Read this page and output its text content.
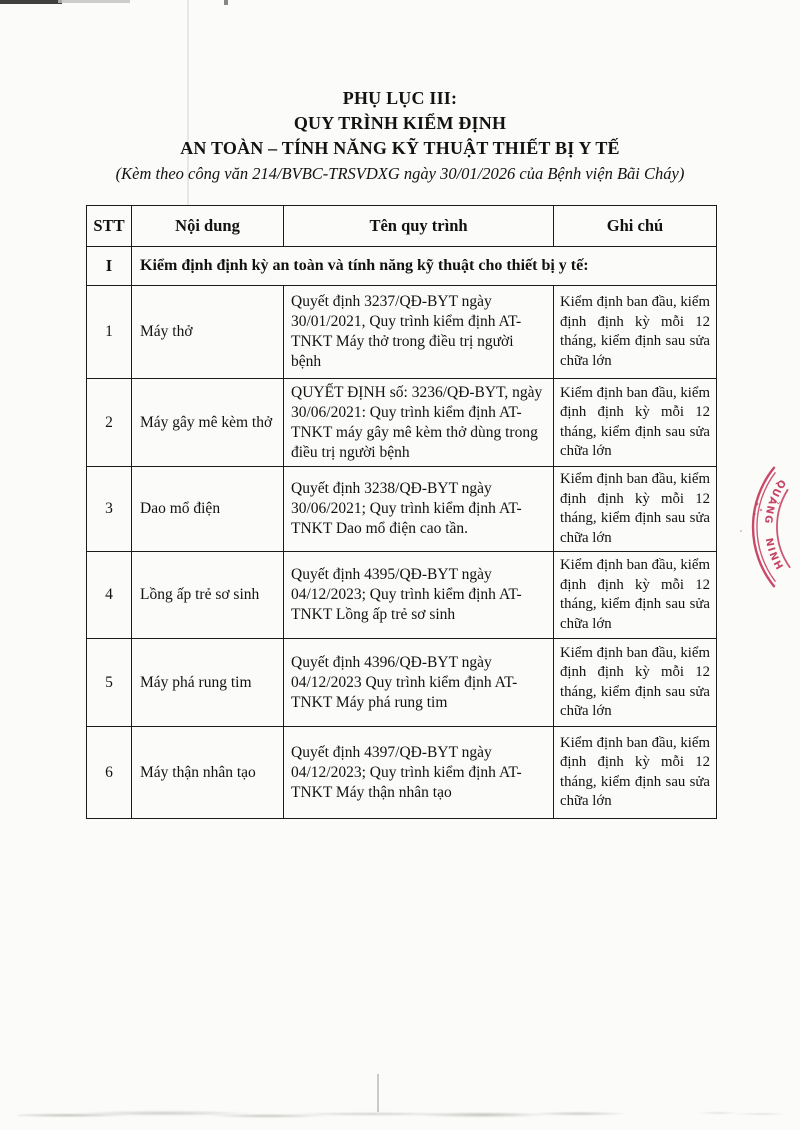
PHỤ LỤC III:
QUY TRÌNH KIỂM ĐỊNH
AN TOÀN – TÍNH NĂNG KỸ THUẬT THIẾT BỊ Y TẾ
(Kèm theo công văn 214/BVBC-TRSVDXG ngày 30/01/2026 của Bệnh viện Bãi Cháy)
STT	Nội dung	Tên quy trình	Ghi chú
I	Kiểm định định kỳ an toàn và tính năng kỹ thuật cho thiết bị y tế:		
1	Máy thở	Quyết định 3237/QĐ-BYT ngày 30/01/2021, Quy trình kiểm định AT-TNKT Máy thở trong điều trị người bệnh	Kiểm định ban đầu, kiểm định định kỳ mỗi 12 tháng, kiểm định sau sửa chữa lớn
2	Máy gây mê kèm thở	QUYẾT ĐỊNH số: 3236/QĐ-BYT, ngày 30/06/2021: Quy trình kiểm định AT-TNKT máy gây mê kèm thở dùng trong điều trị người bệnh	Kiểm định ban đầu, kiểm định định kỳ mỗi 12 tháng, kiểm định sau sửa chữa lớn
3	Dao mổ điện	Quyết định 3238/QĐ-BYT ngày 30/06/2021; Quy trình kiểm định AT-TNKT Dao mổ điện cao tần.	Kiểm định ban đầu, kiểm định định kỳ mỗi 12 tháng, kiểm định sau sửa chữa lớn
4	Lồng ấp trẻ sơ sinh	Quyết định 4395/QĐ-BYT ngày 04/12/2023; Quy trình kiểm định AT-TNKT Lồng ấp trẻ sơ sinh	Kiểm định ban đầu, kiểm định định kỳ mỗi 12 tháng, kiểm định sau sửa chữa lớn
5	Máy phá rung tim	Quyết định 4396/QĐ-BYT ngày 04/12/2023 Quy trình kiểm định AT-TNKT Máy phá rung tim	Kiểm định ban đầu, kiểm định định kỳ mỗi 12 tháng, kiểm định sau sửa chữa lớn
6	Máy thận nhân tạo	Quyết định 4397/QĐ-BYT ngày 04/12/2023; Quy trình kiểm định AT-TNKT Máy thận nhân tạo	Kiểm định ban đầu, kiểm định định kỳ mỗi 12 tháng, kiểm định sau sửa chữa lớn
QUẢNG
NINH
